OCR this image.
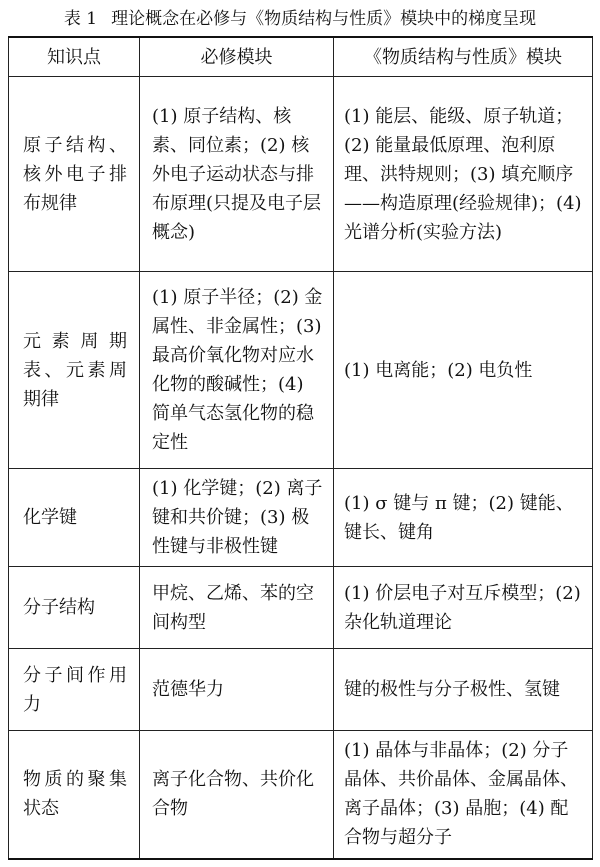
表 1 理论概念在必修与《物质结构与性质》模块中的梯度呈现
知识点	必修模块	《物质结构与性质》模块
原子结构、核外电子排布规律	(1) 原子结构、核素、同位素；(2) 核外电子运动状态与排布原理(只提及电子层概念)	(1) 能层、能级、原子轨道；(2) 能量最低原理、泡利原理、洪特规则；(3) 填充顺序——构造原理(经验规律)；(4) 光谱分析(实验方法)
元素周期表、元素周期律	(1) 原子半径；(2) 金属性、非金属性；(3) 最高价氧化物对应水化物的酸碱性；(4) 简单气态氢化物的稳定性	(1) 电离能；(2) 电负性
化学键	(1) 化学键；(2) 离子键和共价键；(3) 极性键与非极性键	(1) σ 键与 π 键；(2) 键能、键长、键角
分子结构	甲烷、乙烯、苯的空间构型	(1) 价层电子对互斥模型；(2) 杂化轨道理论
分子间作用力	范德华力	键的极性与分子极性、氢键
物质的聚集状态	离子化合物、共价化合物	(1) 晶体与非晶体；(2) 分子晶体、共价晶体、金属晶体、离子晶体；(3) 晶胞；(4) 配合物与超分子
